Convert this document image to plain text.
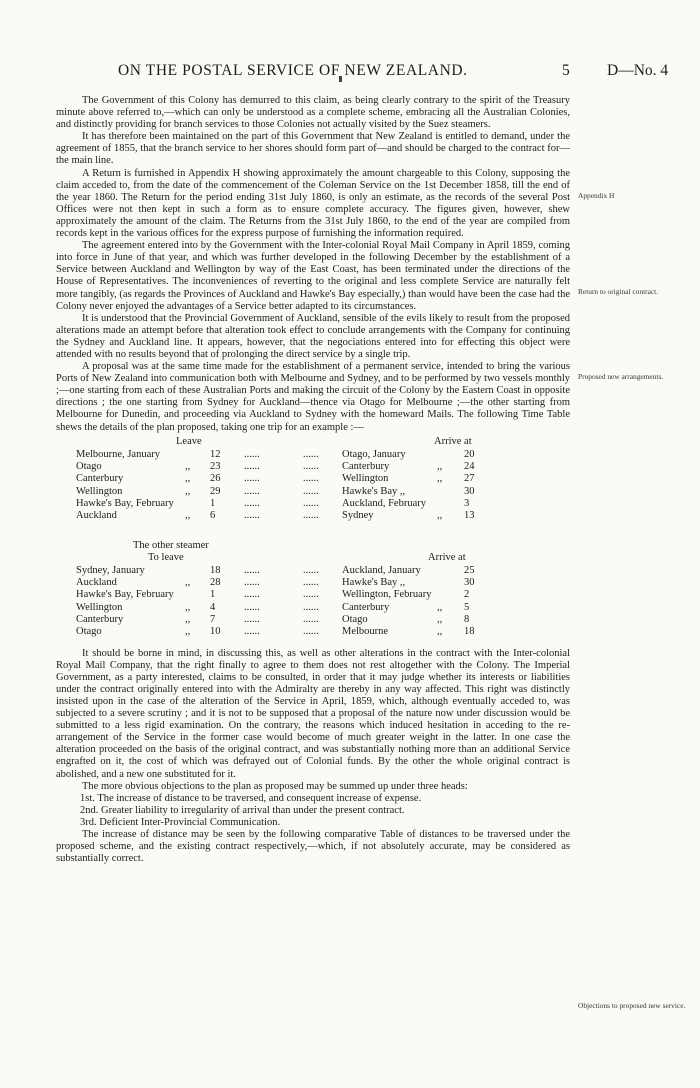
ON THE POSTAL SERVICE OF NEW ZEALAND.	5 D—No. 4

The Government of this Colony has demurred to this claim, as being clearly contrary to the spirit of the Treasury minute above referred to,—which can only be understood as a complete scheme, embracing all the Australian Colonies, and distinctly providing for branch services to those Colonies not actually visited by the Suez steamers.

It has therefore been maintained on the part of this Government that New Zealand is entitled to demand, under the agreement of 1855, that the branch service to her shores should form part of—and should be charged to the contract for—the main line.

A Return is furnished in Appendix H showing approximately the amount chargeable to this Colony, supposing the claim acceded to, from the date of the commencement of the Coleman Service on the 1st December 1858, till the end of the year 1860. The Return for the period ending 31st July 1860, is only an estimate, as the records of the several Post Offices were not then kept in such a form as to ensure complete accuracy. The figures given, however, shew approximately the amount of the claim. The Returns from the 31st July 1860, to the end of the year are compiled from records kept in the various offices for the express purpose of furnishing the information required.

The agreement entered into by the Government with the Inter-colonial Royal Mail Company in April 1859, coming into force in June of that year, and which was further developed in the following December by the establishment of a Service between Auckland and Wellington by way of the East Coast, has been terminated under the directions of the House of Representatives. The inconveniences of reverting to the original and less complete Service are naturally felt more tangibly, (as regards the Provinces of Auckland and Hawke's Bay especially,) than would have been the case had the Colony never enjoyed the advantages of a Service better adapted to its circumstances.

It is understood that the Provincial Government of Auckland, sensible of the evils likely to result from the proposed alterations made an attempt before that alteration took effect to conclude arrangements with the Company for continuing the Sydney and Auckland line. It appears, however, that the negociations entered into for effecting this object were attended with no results beyond that of prolonging the direct service by a single trip.

A proposal was at the same time made for the establishment of a permanent service, intended to bring the various Ports of New Zealand into communication both with Melbourne and Sydney, and to be performed by two vessels monthly ;—one starting from each of these Australian Ports and making the circuit of the Colony by the Eastern Coast in opposite directions ; the one starting from Sydney for Auckland—thence via Otago for Melbourne ;—the other starting from Melbourne for Dunedin, and proceeding via Auckland to Sydney with the homeward Mails. The following Time Table shews the details of the plan proposed, taking one trip for an example :—

Leave	Arrive at
Melbourne, January	12 ......	...... Otago, January	20
Otago	,, 23 ......	...... Canterbury	,, 24
Canterbury	,, 26 ......	...... Wellington	,, 27
Wellington	,, 29 ......	...... Hawke's Bay ,,	30
Hawke's Bay, February	1	......	...... Auckland, February	3
Auckland	,, 6	......	...... Sydney	,, 13
The other steamer
To leave	Arrive at
Sydney, January	18 ......	...... Auckland, January	25
Auckland	,, 28 ......	...... Hawke's Bay ,,	30
Hawke's Bay, February	1	......	...... Wellington, February	2
Wellington	,, 4	......	...... Canterbury	,, 5
Canterbury	,, 7	......	...... Otago	,, 8
Otago	,, 10 ......	...... Melbourne	,, 18

It should be borne in mind, in discussing this, as well as other alterations in the contract with the Inter-colonial Royal Mail Company, that the right finally to agree to them does not rest altogether with the Colony. The Imperial Government, as a party interested, claims to be consulted, in order that it may judge whether its interests or liabilities under the contract originally entered into with the Admiralty are thereby in any way affected. This right was distinctly insisted upon in the case of the alteration of the Service in April, 1859, which, although eventually acceded to, was subjected to a severe scrutiny ; and it is not to be supposed that a proposal of the nature now under discussion would be submitted to a less rigid examination. On the contrary, the reasons which induced hesitation in acceding to the re-arrangement of the Service in the former case would become of much greater weight in the latter. In one case the alteration proceeded on the basis of the original contract, and was substantially nothing more than an additional Service engrafted on it, the cost of which was defrayed out of Colonial funds. By the other the whole original contract is abolished, and a new one substituted for it.

The more obvious objections to the plan as proposed may be summed up under three heads:

1st. The increase of distance to be traversed, and consequent increase of expense.

2nd. Greater liability to irregularity of arrival than under the present contract.

3rd. Deficient Inter-Provincial Communication.

The increase of distance may be seen by the following comparative Table of distances to be traversed under the proposed scheme, and the existing contract respectively,—which, if not absolutely accurate, may be considered as substantially correct.

Appendix H
Return to original contract.
Proposed new arrangements.
Objections to proposed new service.
